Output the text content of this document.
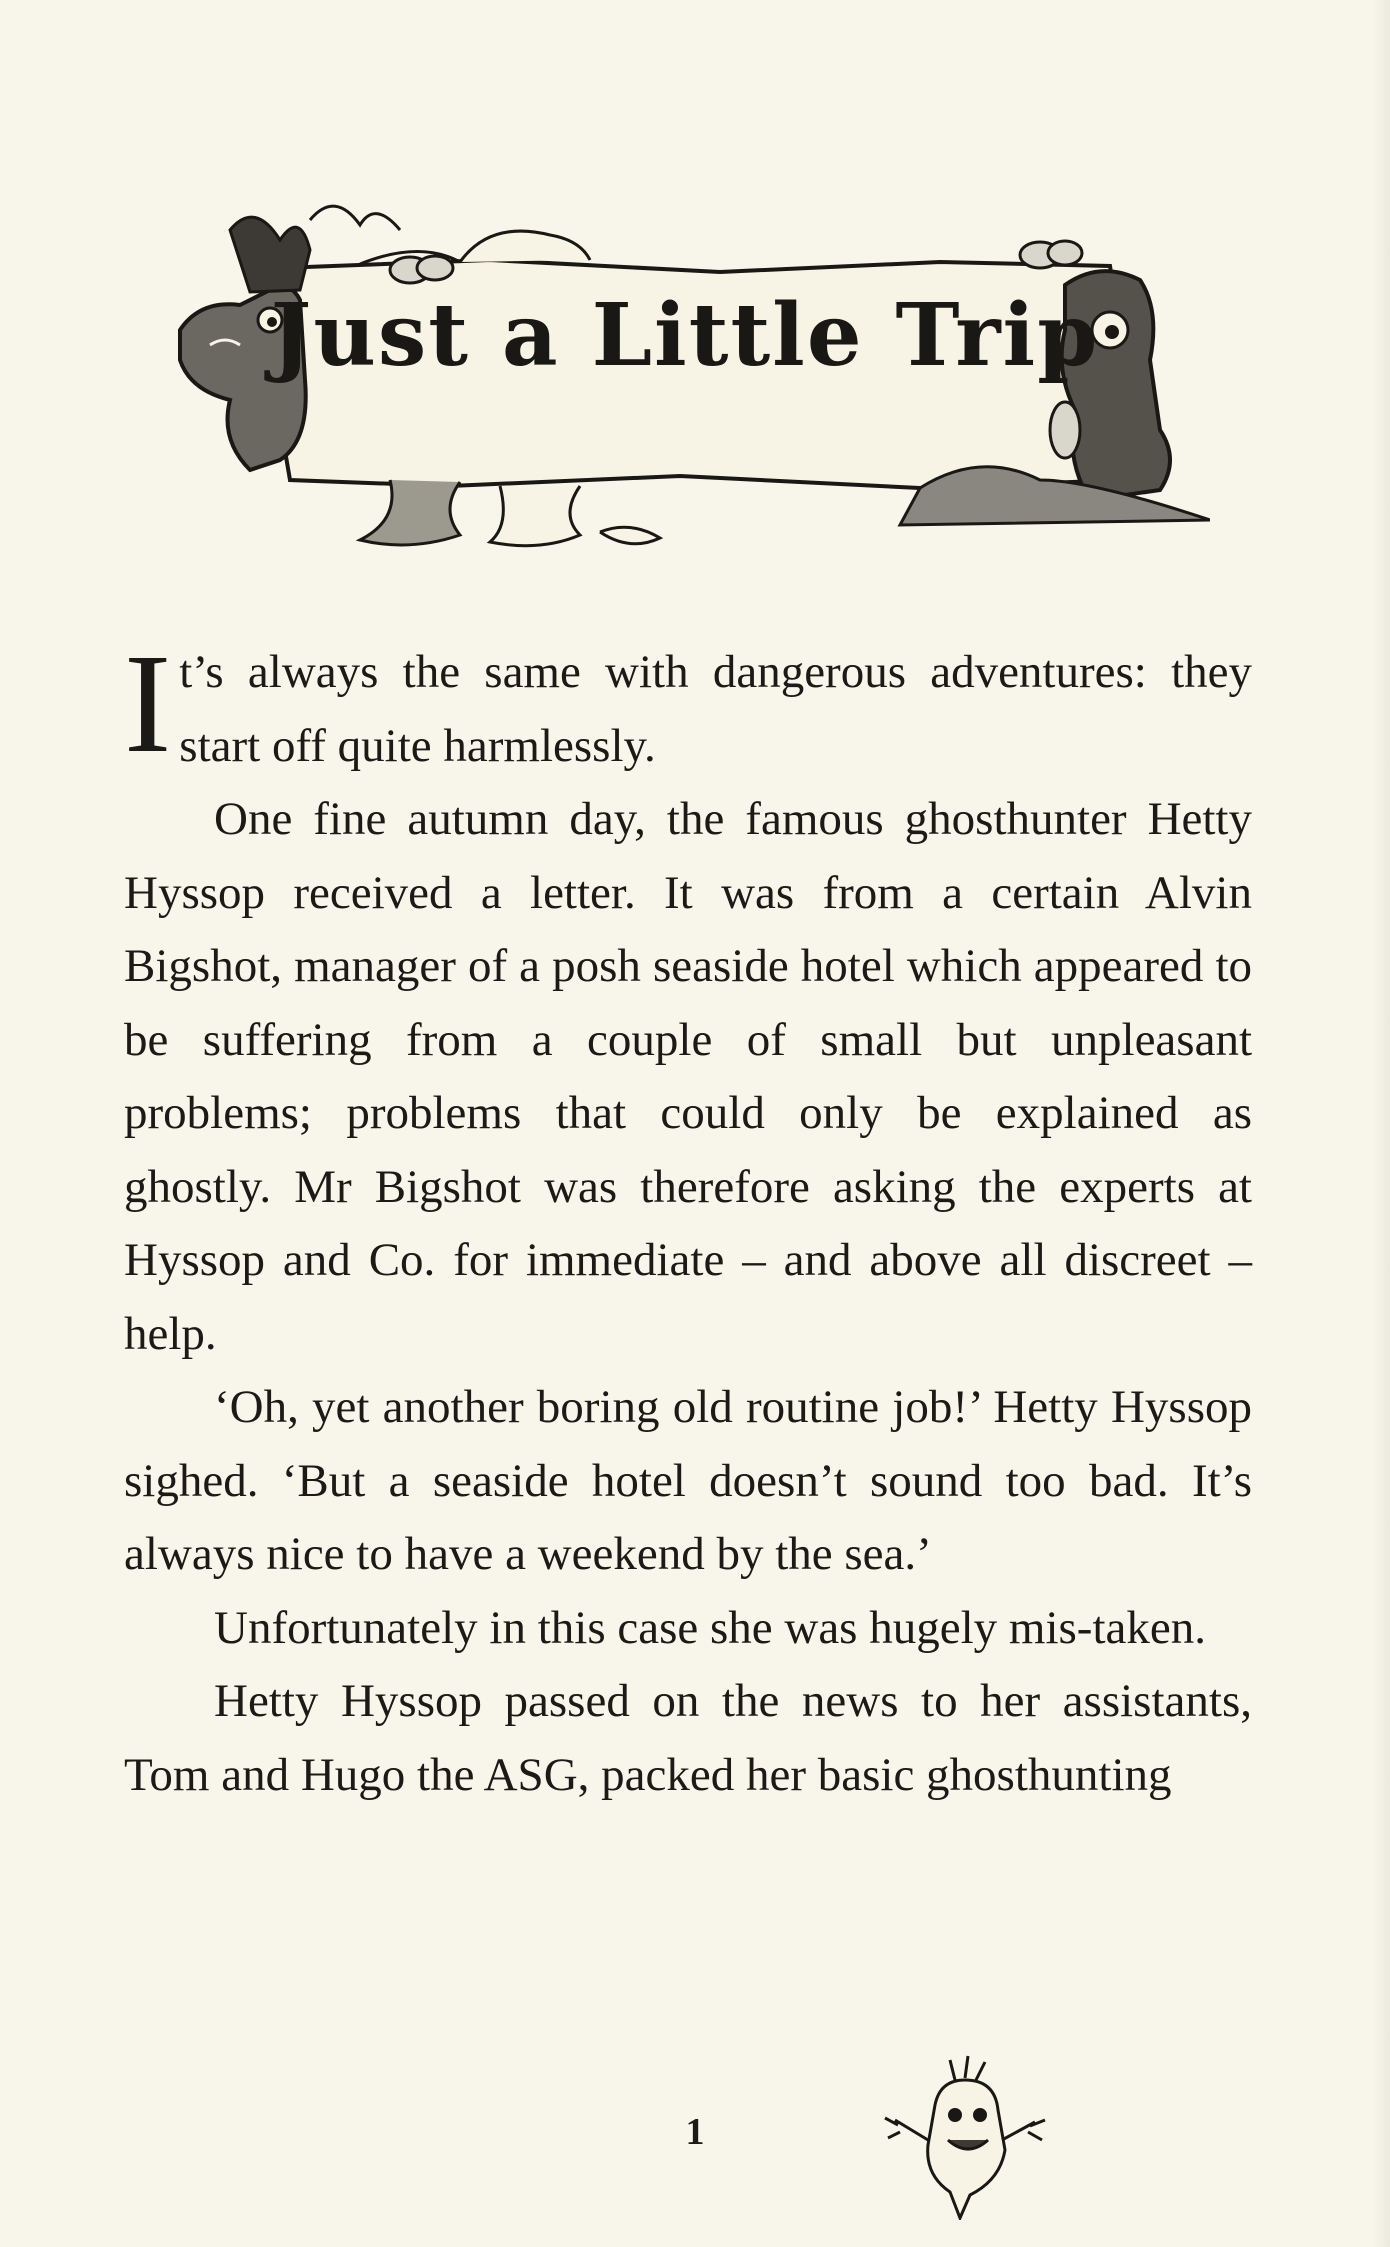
Just a Little Trip

I t’s always the same with dangerous adventures: they start off quite harmlessly.

One fine autumn day, the famous ghosthunter Hetty Hyssop received a letter. It was from a certain Alvin Bigshot, manager of a posh seaside hotel which appeared to be suffering from a couple of small but unpleasant problems; problems that could only be explained as ghostly. Mr Bigshot was therefore asking the experts at Hyssop and Co. for immediate – and above all discreet – help.

‘Oh, yet another boring old routine job!’ Hetty Hyssop sighed. ‘But a seaside hotel doesn’t sound too bad. It’s always nice to have a weekend by the sea.’

Unfortunately in this case she was hugely mis-taken.

Hetty Hyssop passed on the news to her assistants, Tom and Hugo the ASG, packed her basic ghosthunting

1
